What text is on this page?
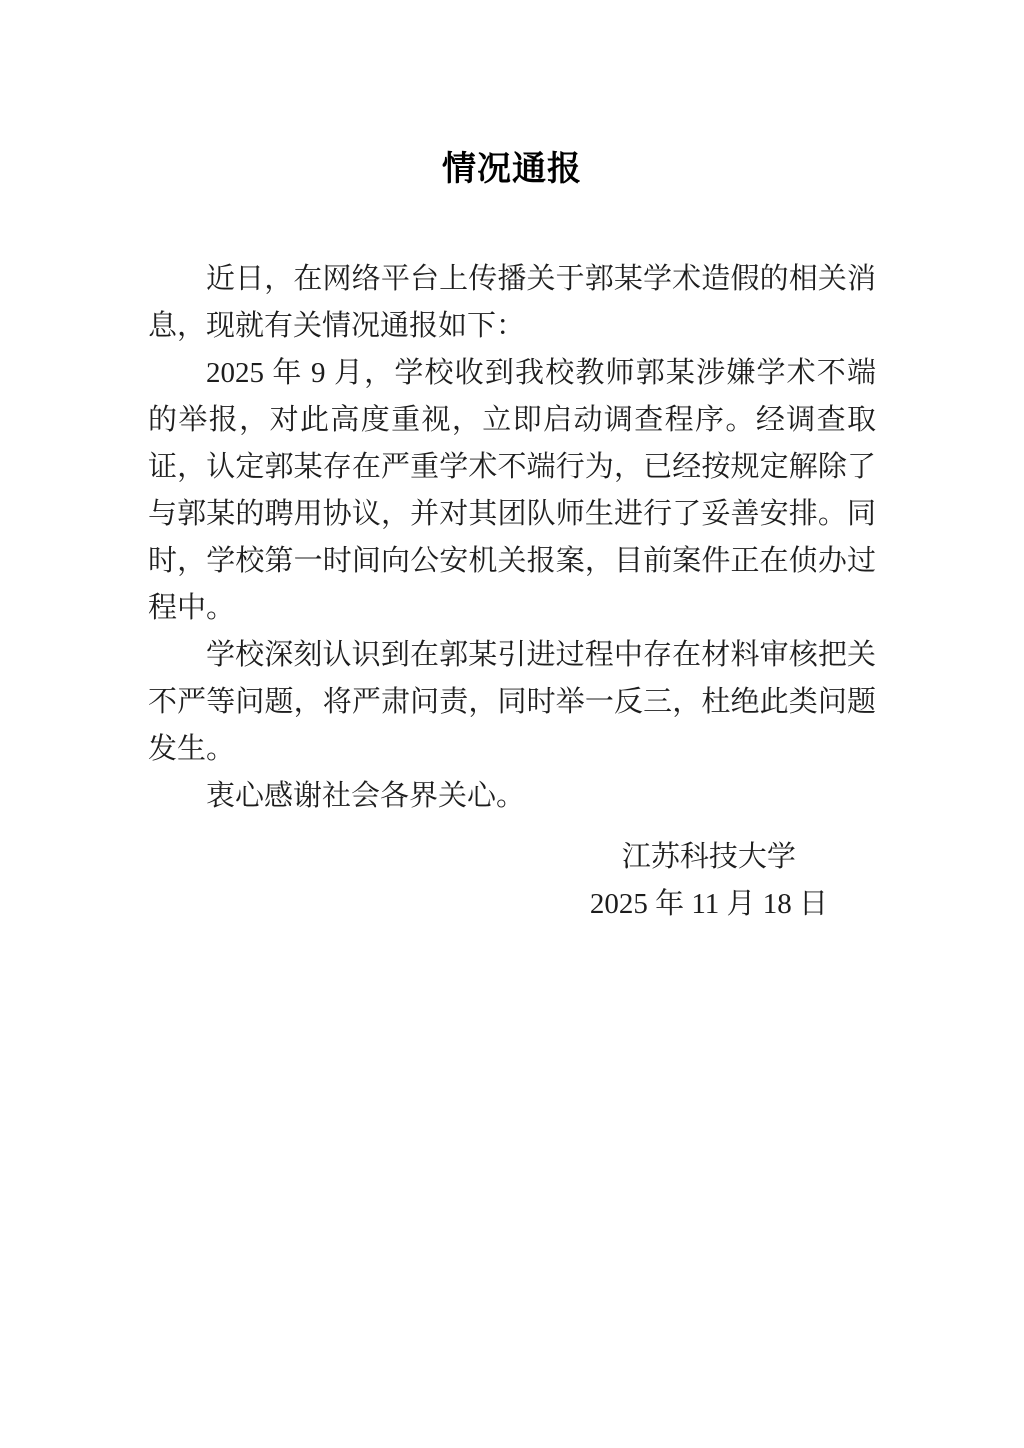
情况通报

近日，在网络平台上传播关于郭某学术造假的相关消息，现就有关情况通报如下：

2025 年 9 月，学校收到我校教师郭某涉嫌学术不端的举报，对此高度重视，立即启动调查程序。经调查取证，认定郭某存在严重学术不端行为，已经按规定解除了与郭某的聘用协议，并对其团队师生进行了妥善安排。同时，学校第一时间向公安机关报案，目前案件正在侦办过程中。

学校深刻认识到在郭某引进过程中存在材料审核把关不严等问题，将严肃问责，同时举一反三，杜绝此类问题发生。

衷心感谢社会各界关心。

江苏科技大学
2025 年 11 月 18 日
